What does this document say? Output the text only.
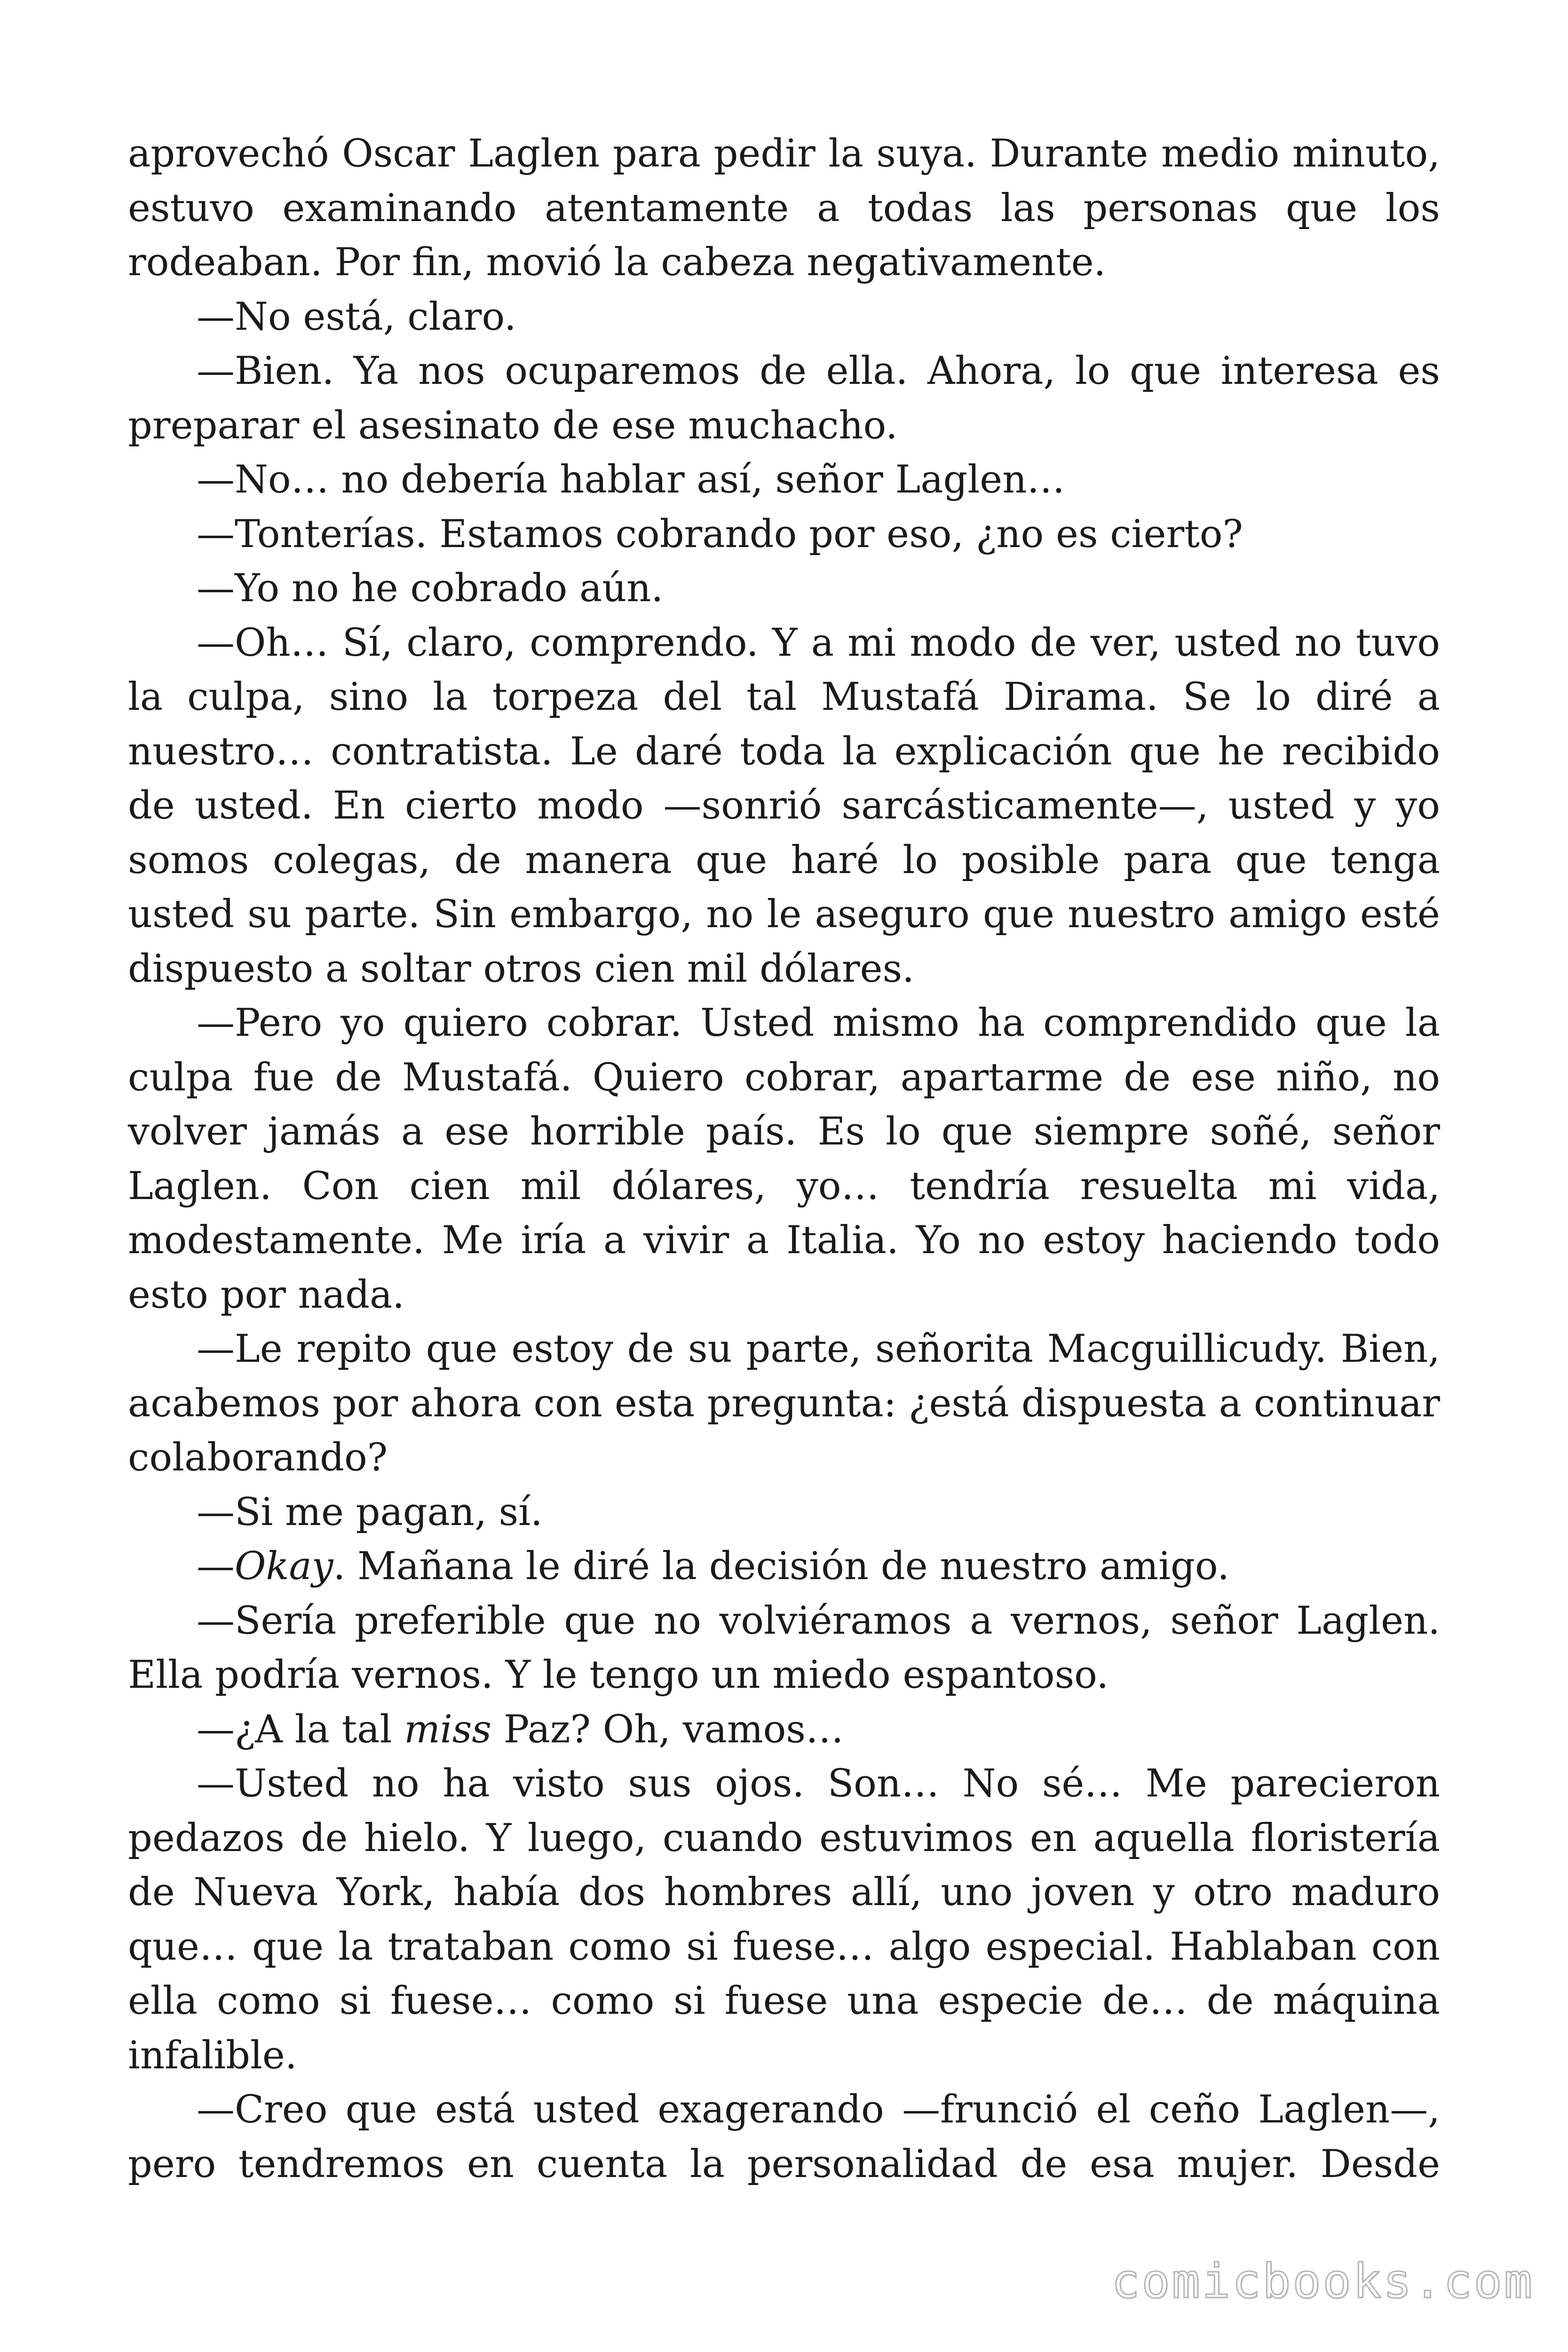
aprovechó Oscar Laglen para pedir la suya. Durante medio minuto, estuvo examinando atentamente a todas las personas que los rodeaban. Por fin, movió la cabeza negativamente.

—No está, claro.

—Bien. Ya nos ocuparemos de ella. Ahora, lo que interesa es preparar el asesinato de ese muchacho.

—No… no debería hablar así, señor Laglen…

—Tonterías. Estamos cobrando por eso, ¿no es cierto?

—Yo no he cobrado aún.

—Oh… Sí, claro, comprendo. Y a mi modo de ver, usted no tuvo la culpa, sino la torpeza del tal Mustafá Dirama. Se lo diré a nuestro… contratista. Le daré toda la explicación que he recibido de usted. En cierto modo —sonrió sarcásticamente—, usted y yo somos colegas, de manera que haré lo posible para que tenga usted su parte. Sin embargo, no le aseguro que nuestro amigo esté dispuesto a soltar otros cien mil dólares.

—Pero yo quiero cobrar. Usted mismo ha comprendido que la culpa fue de Mustafá. Quiero cobrar, apartarme de ese niño, no volver jamás a ese horrible país. Es lo que siempre soñé, señor Laglen. Con cien mil dólares, yo… tendría resuelta mi vida, modestamente. Me iría a vivir a Italia. Yo no estoy haciendo todo esto por nada.

—Le repito que estoy de su parte, señorita Macguillicudy. Bien, acabemos por ahora con esta pregunta: ¿está dispuesta a continuar colaborando?

—Si me pagan, sí.

—Okay. Mañana le diré la decisión de nuestro amigo.

—Sería preferible que no volviéramos a vernos, señor Laglen. Ella podría vernos. Y le tengo un miedo espantoso.

—¿A la tal miss Paz? Oh, vamos…

—Usted no ha visto sus ojos. Son… No sé… Me parecieron pedazos de hielo. Y luego, cuando estuvimos en aquella floristería de Nueva York, había dos hombres allí, uno joven y otro maduro que… que la trataban como si fuese… algo especial. Hablaban con ella como si fuese… como si fuese una especie de… de máquina infalible.

—Creo que está usted exagerando —frunció el ceño Laglen—, pero tendremos en cuenta la personalidad de esa mujer. Desde

comicbooks.com
